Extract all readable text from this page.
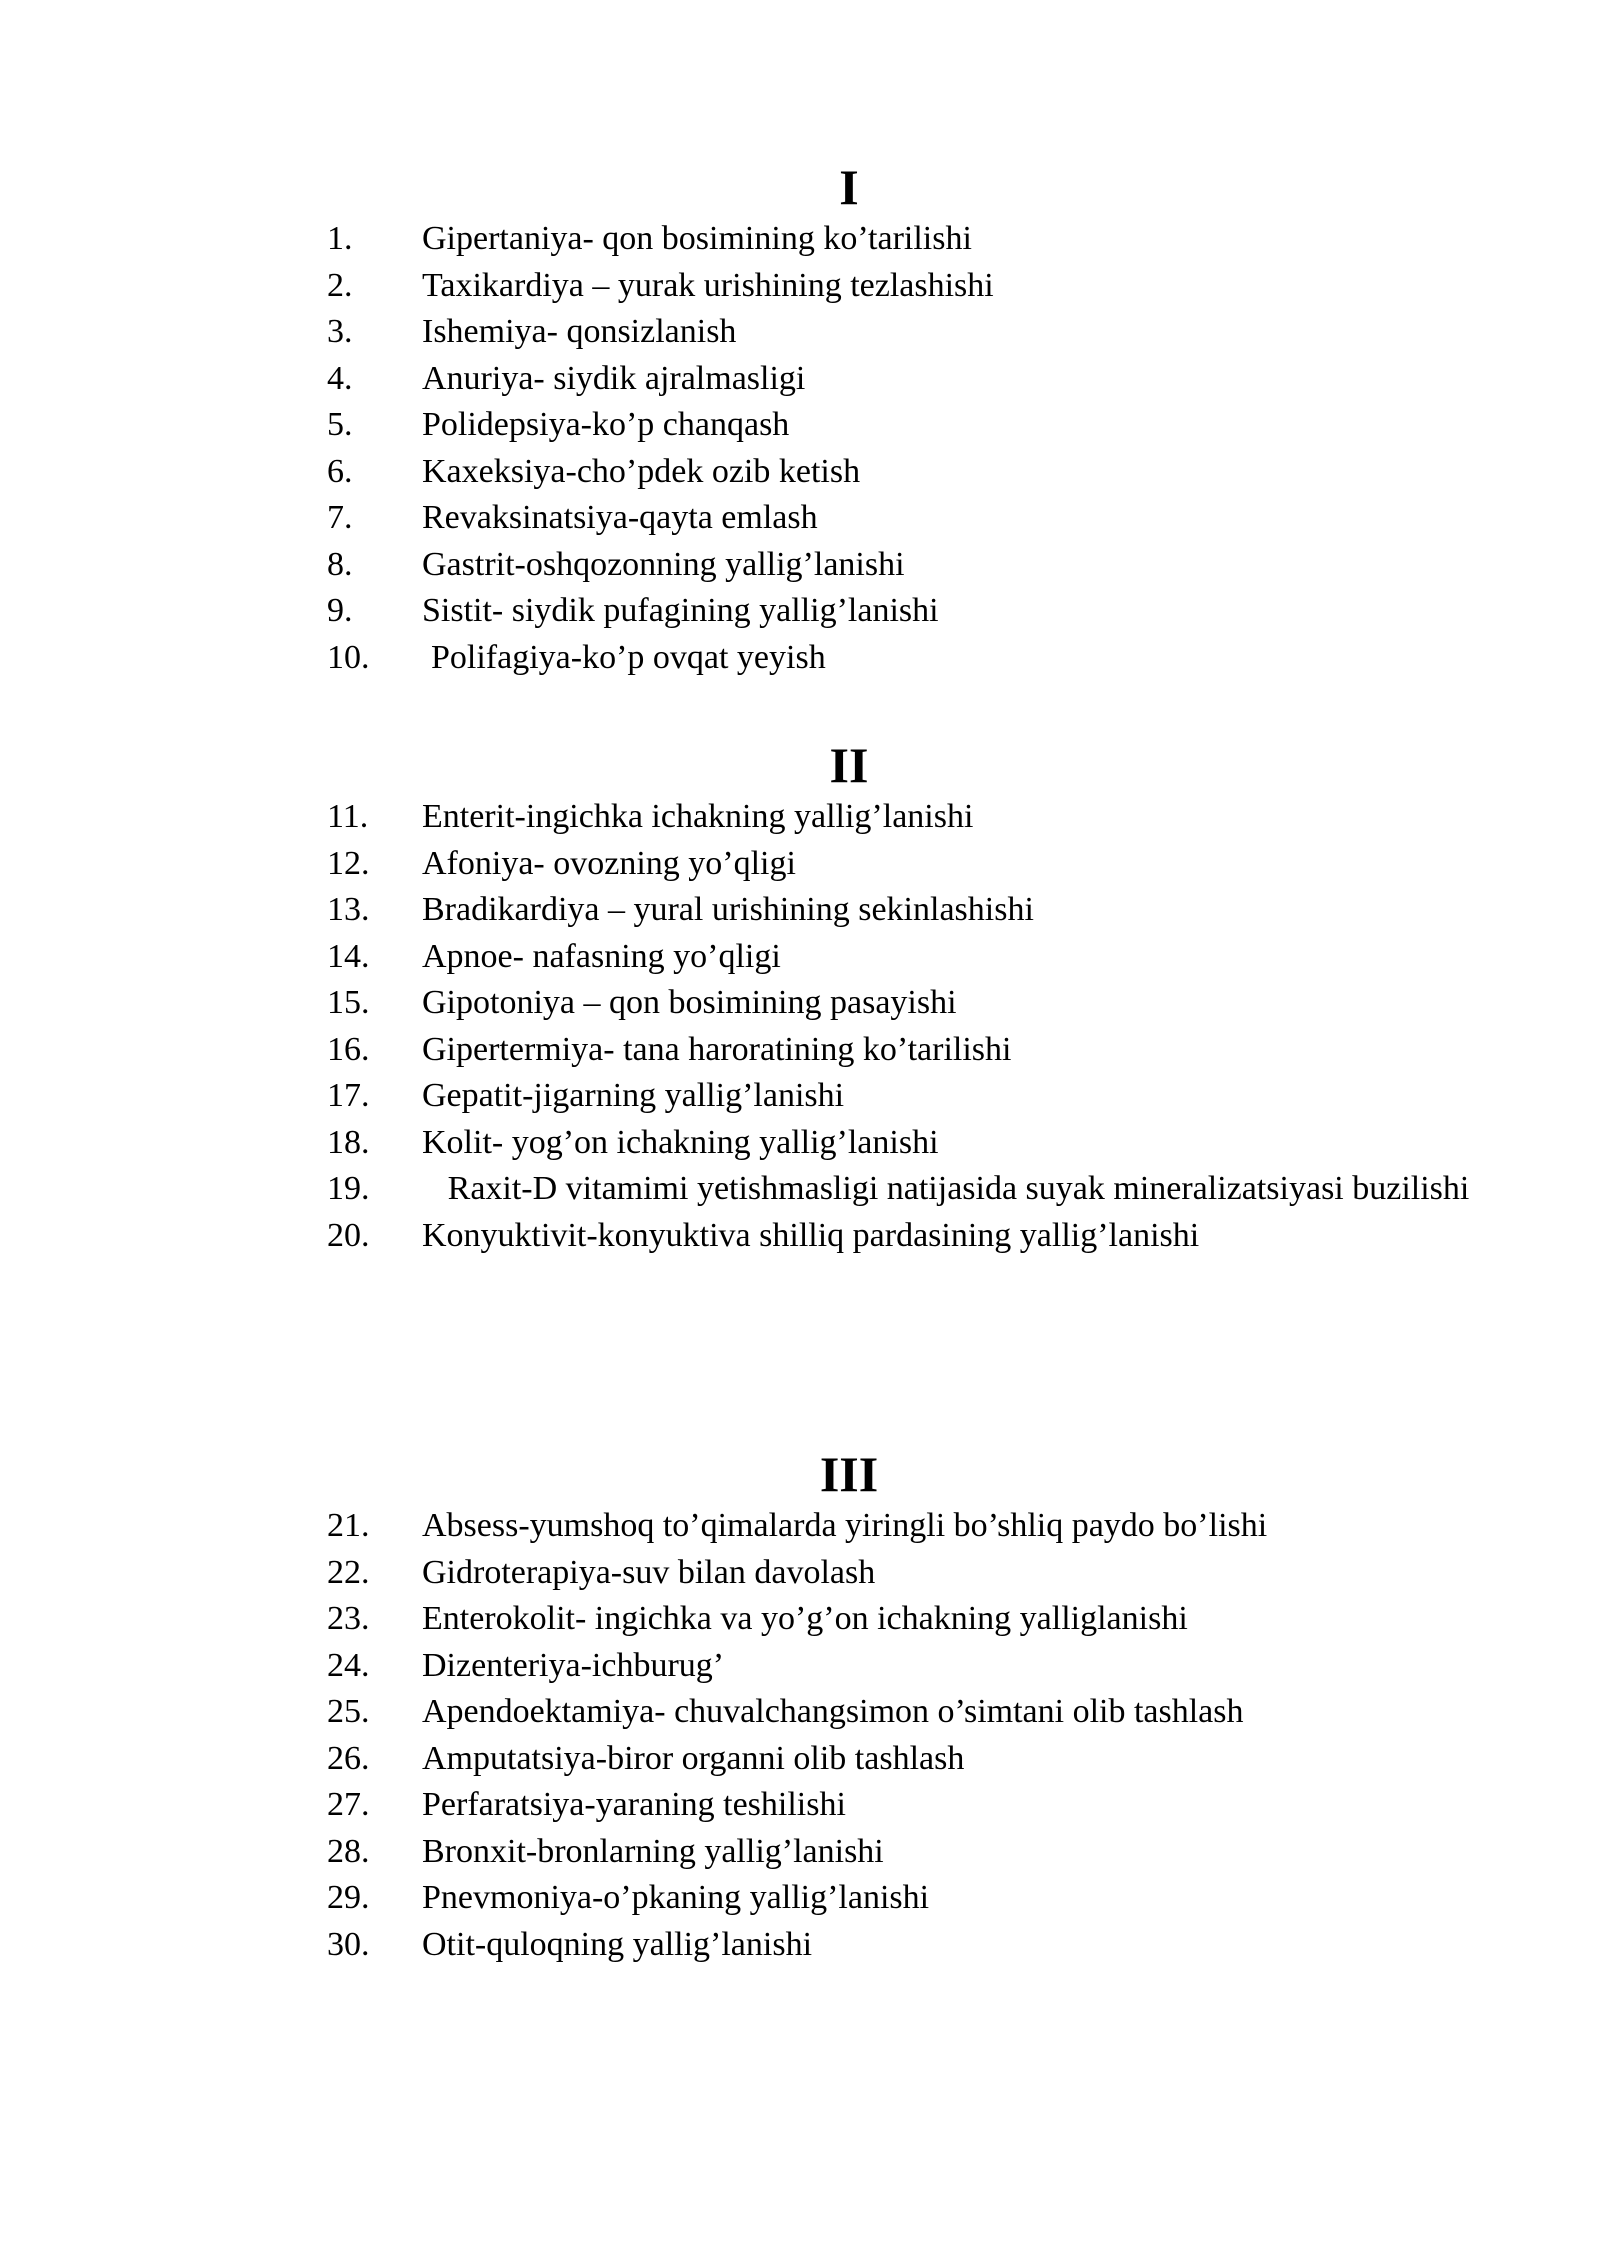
I
1. Gipertaniya- qon bosimining ko’tarilishi
2. Taxikardiya – yurak urishining tezlashishi
3. Ishemiya- qonsizlanish
4. Anuriya- siydik ajralmasligi
5. Polidepsiya-ko’p chanqash
6. Kaxeksiya-cho’pdek ozib ketish
7. Revaksinatsiya-qayta emlash
8. Gastrit-oshqozonning yallig’lanishi
9. Sistit- siydik pufagining yallig’lanishi
10. Polifagiya-ko’p ovqat yeyish
II
11. Enterit-ingichka ichakning yallig’lanishi
12. Afoniya- ovozning yo’qligi
13. Bradikardiya – yural urishining sekinlashishi
14. Apnoe- nafasning yo’qligi
15. Gipotoniya – qon bosimining pasayishi
16. Gipertermiya- tana haroratining ko’tarilishi
17. Gepatit-jigarning yallig’lanishi
18. Kolit- yog’on ichakning yallig’lanishi
19.	Raxit-D vitamimi yetishmasligi natijasida suyak mineralizatsiyasi buzilishi
20. Konyuktivit-konyuktiva shilliq pardasining yallig’lanishi
III
21. Absess-yumshoq to’qimalarda yiringli bo’shliq paydo bo’lishi
22. Gidroterapiya-suv bilan davolash
23. Enterokolit- ingichka va yo’g’on ichakning yalliglanishi
24. Dizenteriya-ichburug’
25. Apendoektamiya- chuvalchangsimon o’simtani olib tashlash
26. Amputatsiya-biror organni olib tashlash
27. Perfaratsiya-yaraning teshilishi
28. Bronxit-bronlarning yallig’lanishi
29. Pnevmoniya-o’pkaning yallig’lanishi
30. Otit-quloqning yallig’lanishi
